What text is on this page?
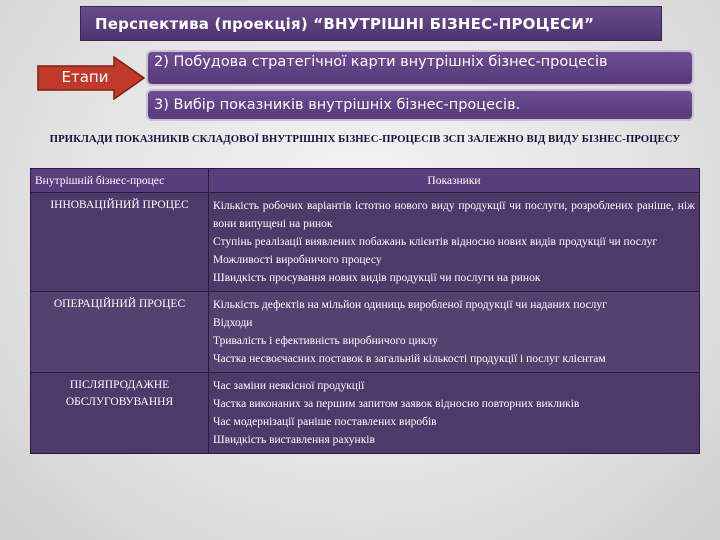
Перспектива (проекція) “ВНУТРІШНІ БІЗНЕС-ПРОЦЕСИ”
Етапи
2) Побудова стратегічної карти внутрішніх бізнес-процесів
3) Вибір показників внутрішніх бізнес-процесів.
ПРИКЛАДИ ПОКАЗНИКІВ СКЛАДОВОЇ ВНУТРІШНІХ БІЗНЕС-ПРОЦЕСІВ ЗСП ЗАЛЕЖНО ВІД ВИДУ БІЗНЕС-ПРОЦЕСУ
Внутрішній бізнес-процес	Показники
ІННОВАЦІЙНИЙ ПРОЦЕС	Кількість робочих варіантів істотно нового виду продукції чи послуги, розроблених раніше, ніж вони випущені на ринок

Ступінь реалізації виявлених побажань клієнтів відносно нових видів продукції чи послуг

Можливості виробничого процесу

Швидкість просування нових видів продукції чи послуги на ринок

ОПЕРАЦІЙНИЙ ПРОЦЕС	Кількість дефектів на мільйон одиниць виробленої продукції чи наданих послуг

Відходи

Тривалість і ефективність виробничого циклу

Частка несвоєчасних поставок в загальній кількості продукції і послуг клієнтам

ПІСЛЯПРОДАЖНЕ ОБСЛУГОВУВАННЯ	Час заміни неякісної продукції

Частка виконаних за першим запитом заявок відносно повторних викликів

Час модернізації раніше поставлених виробів

Швидкість виставлення рахунків
